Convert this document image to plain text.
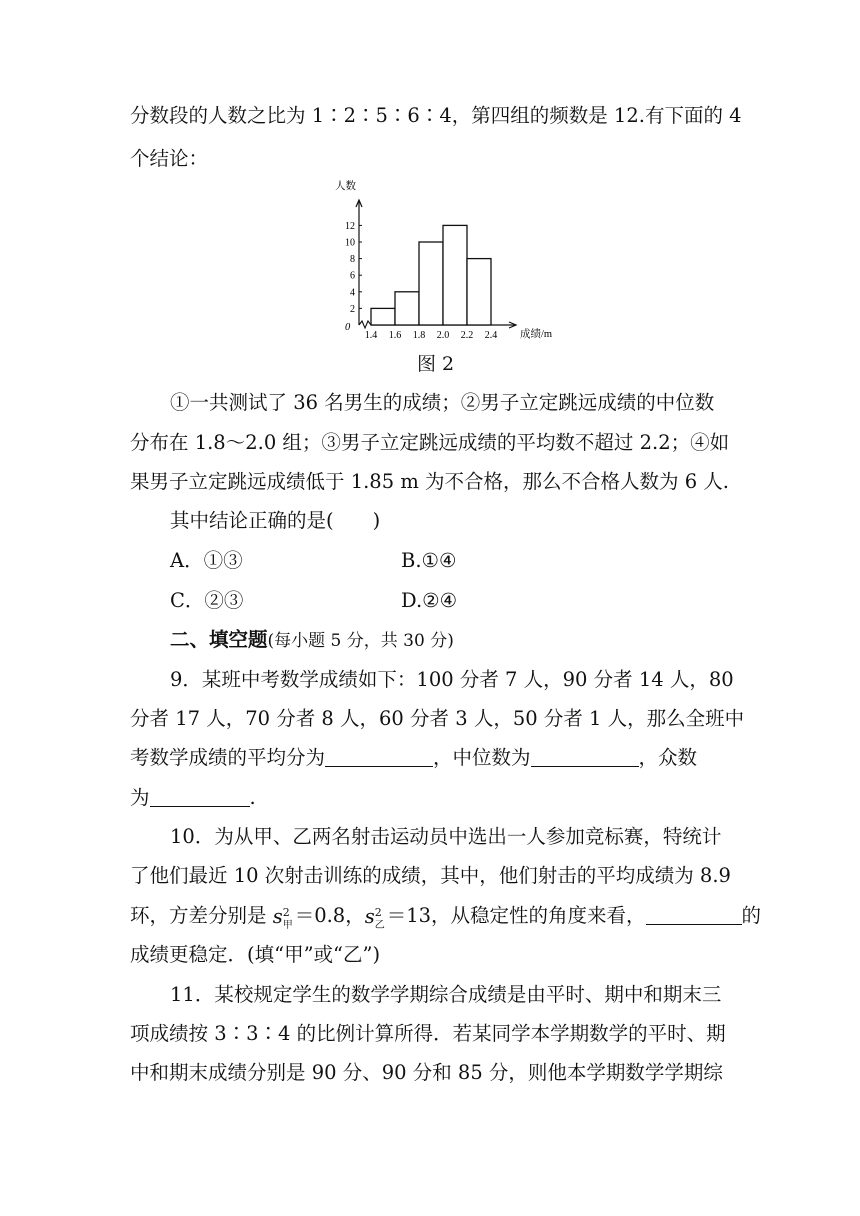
分数段的人数之比为 1∶2∶5∶6∶4，第四组的频数是 12.有下面的 4
个结论：
人数
成绩/m
0
2
4
6
8
10
12
1.4 1.6 1.8 2.0 2.2 2.4
图 2
①一共测试了 36 名男生的成绩；②男子立定跳远成绩的中位数
分布在 1.8～2.0 组；③男子立定跳远成绩的平均数不超过 2.2；④如
果男子立定跳远成绩低于 1.85 m 为不合格，那么不合格人数为 6 人.
其中结论正确的是(　　)
A．①③	B.①④
C．②③	D.②④
二、填空题(每小题 5 分，共 30 分)
9．某班中考数学成绩如下：100 分者 7 人，90 分者 14 人，80
分者 17 人，70 分者 8 人，60 分者 3 人，50 分者 1 人，那么全班中
考数学成绩的平均分为	，中位数为	，众数
为	.
10．为从甲、乙两名射击运动员中选出一人参加竞标赛，特统计
了他们最近 10 次射击训练的成绩，其中，他们射击的平均成绩为 8.9
环，方差分别是 s 2
甲 ＝0.8， s 2
乙 ＝13，从稳定性的角度来看，	的
成绩更稳定．(填“甲”或“乙”)
11．某校规定学生的数学学期综合成绩是由平时、期中和期末三
项成绩按 3∶3∶4 的比例计算所得．若某同学本学期数学的平时、期
中和期末成绩分别是 90 分、90 分和 85 分，则他本学期数学学期综
